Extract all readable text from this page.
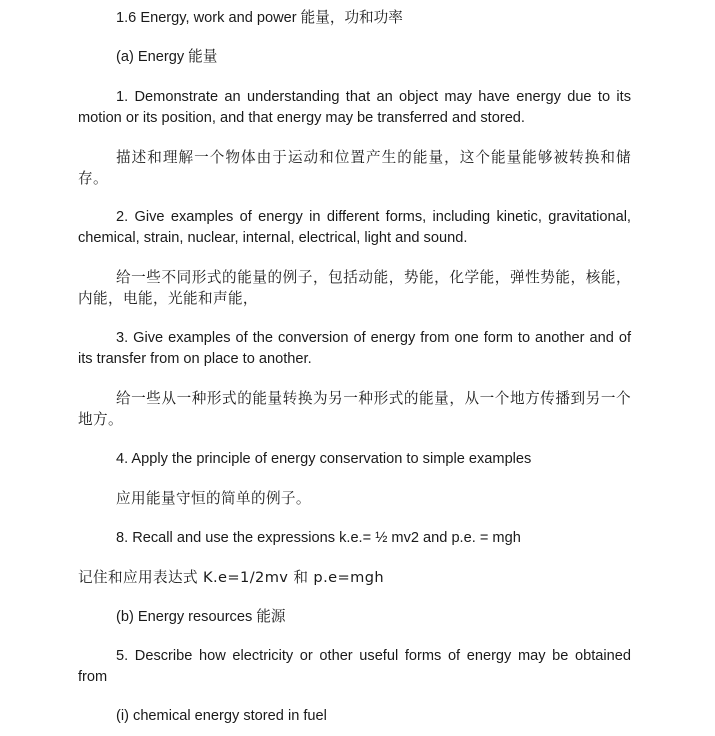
1.6 Energy, work and power 能量，功和功率

(a) Energy 能量

1. Demonstrate an understanding that an object may have energy due to its motion or its position, and that energy may be transferred and stored.

描述和理解一个物体由于运动和位置产生的能量，这个能量能够被转换和储存。

2. Give examples of energy in different forms, including kinetic, gravitational, chemical, strain, nuclear, internal, electrical, light and sound.

给一些不同形式的能量的例子，包括动能，势能，化学能，弹性势能，核能，内能，电能，光能和声能，

3. Give examples of the conversion of energy from one form to another and of its transfer from on place to another.

给一些从一种形式的能量转换为另一种形式的能量，从一个地方传播到另一个地方。

4. Apply the principle of energy conservation to simple examples

应用能量守恒的简单的例子。

8. Recall and use the expressions k.e.= ½ mv2 and p.e. = mgh

记住和应用表达式 K.e=1/2mv 和 p.e=mgh

(b) Energy resources 能源

5. Describe how electricity or other useful forms of energy may be obtained from

(i) chemical energy stored in fuel
